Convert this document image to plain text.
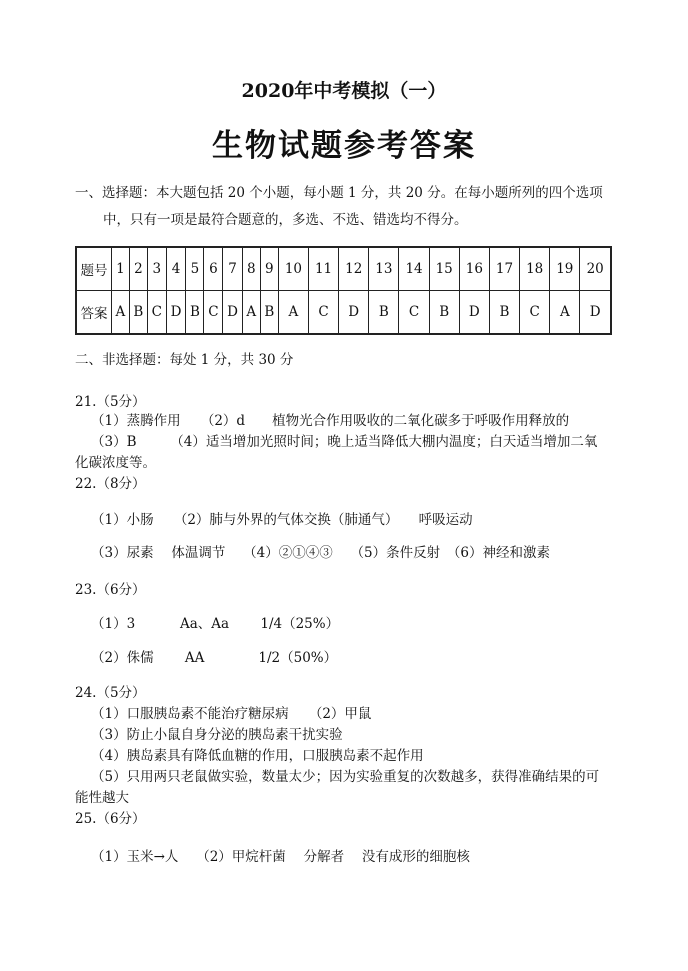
2020年中考模拟（一）
生物试题参考答案
一、选择题：本大题包括 20 个小题，每小题 1 分，共 20 分。在每小题所列的四个选项
中，只有一项是最符合题意的，多选、不选、错选均不得分。
题号	1	2	3	4	5	6	7	8	9	10	11	12	13	14	15	16	17	18	19	20
答案	A	B	C	D	B	C	D	A	B	A	C	D	B	C	B	D	B	C	A	D
二、非选择题：每处 1 分，共 30 分
21.（5分）
（1）蒸腾作用　　（2）d　　植物光合作用吸收的二氧化碳多于呼吸作用释放的
（3）B　　　（4）适当增加光照时间；晚上适当降低大棚内温度；白天适当增加二氧
化碳浓度等。
22.（8分）
（1）小肠　　（2）肺与外界的气体交换（肺通气）　　呼吸运动
（3）尿素　 体温调节　 （4）②①④③　 （5）条件反射　（6）神经和激素
23.（6分）
（1）3　　　 Aa、Aa　　 1/4（25%）
（2）侏儒　　 AA　　　　1/2（50%）
24.（5分）
（1）口服胰岛素不能治疗糖尿病　　（2）甲鼠
（3）防止小鼠自身分泌的胰岛素干扰实验
（4）胰岛素具有降低血糖的作用，口服胰岛素不起作用
（5）只用两只老鼠做实验，数量太少；因为实验重复的次数越多，获得准确结果的可
能性越大
25.（6分）
（1）玉米→人　 （2）甲烷杆菌　 分解者　 没有成形的细胞核
